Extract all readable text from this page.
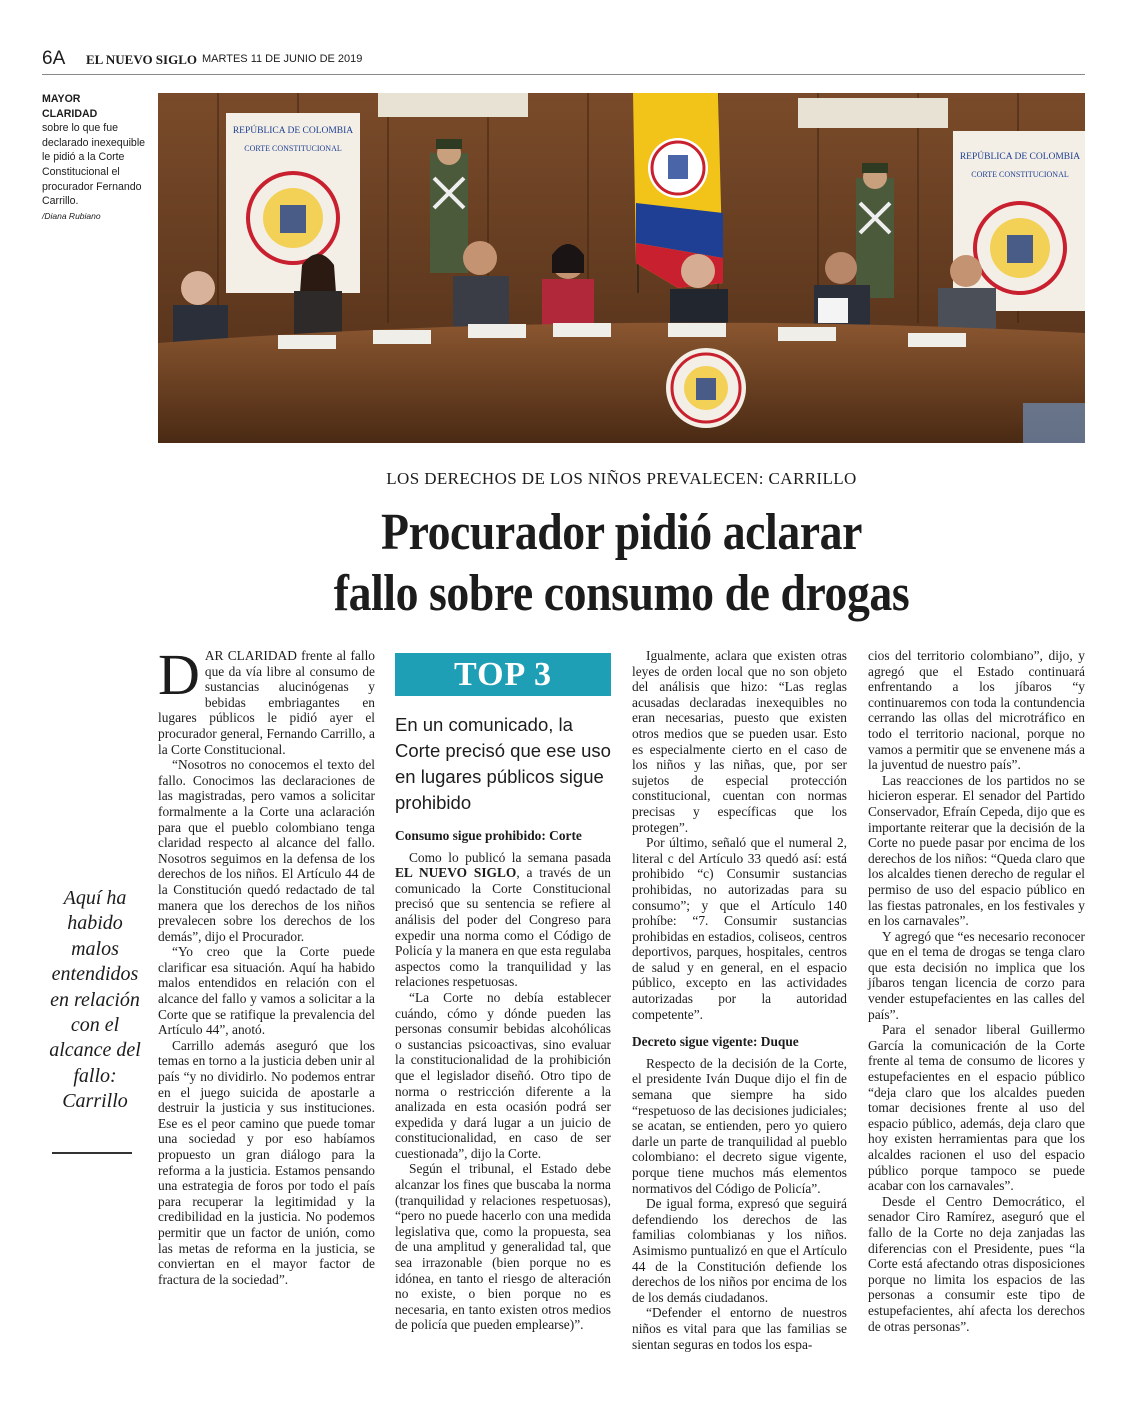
6A EL NUEVO SIGLO MARTES 11 DE JUNIO DE 2019
MAYOR
CLARIDAD
sobre lo que fue declarado inexequible le pidió a la Corte Constitucional el procurador Fernando Carrillo.
/Diana Rubiano
REPÚBLICA DE COLOMBIA
CORTE CONSTITUCIONAL
REPÚBLICA DE COLOMBIA
CORTE CONSTITUCIONAL
LOS DERECHOS DE LOS NIÑOS PREVALECEN: CARRILLO
Procurador pidió aclarar
fallo sobre consumo de drogas
Aquí ha habido malos entendidos en relación con el alcance del fallo: Carrillo

DAR CLARIDAD frente al fallo que da vía libre al consumo de sustancias alucinógenas y bebidas embriagantes en lugares públicos le pidió ayer el procurador general, Fernando Carrillo, a la Corte Constitucional.

“Nosotros no conocemos el texto del fallo. Conocimos las declaraciones de las magistradas, pero vamos a solicitar formalmente a la Corte una aclaración para que el pueblo colombiano tenga claridad respecto al alcance del fallo. Nosotros seguimos en la defensa de los derechos de los niños. El Artículo 44 de la Constitución quedó redactado de tal manera que los derechos de los niños prevalecen sobre los derechos de los demás”, dijo el Procurador.

“Yo creo que la Corte puede clarificar esa situación. Aquí ha habido malos entendidos en relación con el alcance del fallo y vamos a solicitar a la Corte que se ratifique la prevalencia del Artículo 44”, anotó.

Carrillo además aseguró que los temas en torno a la justicia deben unir al país “y no dividirlo. No podemos entrar en el juego suicida de apostarle a destruir la justicia y sus instituciones. Ese es el peor camino que puede tomar una sociedad y por eso habíamos propuesto un gran diálogo para la reforma a la justicia. Estamos pensando una estrategia de foros por todo el país para recuperar la legitimidad y la credibilidad en la justicia. No podemos permitir que un factor de unión, como las metas de reforma en la justicia, se conviertan en el mayor factor de fractura de la sociedad”.

TOP 3
En un comunicado, la Corte precisó que ese uso en lugares públicos sigue prohibido
Consumo sigue prohibido: Corte

Como lo publicó la semana pasada EL NUEVO SIGLO, a través de un comunicado la Corte Constitucional precisó que su sentencia se refiere al análisis del poder del Congreso para expedir una norma como el Código de Policía y la manera en que esta regulaba aspectos como la tranquilidad y las relaciones respetuosas.

“La Corte no debía establecer cuándo, cómo y dónde pueden las personas consumir bebidas alcohólicas o sustancias psicoactivas, sino evaluar la constitucionalidad de la prohibición que el legislador diseñó. Otro tipo de norma o restricción diferente a la analizada en esta ocasión podrá ser expedida y dará lugar a un juicio de constitucionalidad, en caso de ser cuestionada”, dijo la Corte.

Según el tribunal, el Estado debe alcanzar los fines que buscaba la norma (tranquilidad y relaciones respetuosas), “pero no puede hacerlo con una medida legislativa que, como la propuesta, sea de una amplitud y generalidad tal, que sea irrazonable (bien porque no es idónea, en tanto el riesgo de alteración no existe, o bien porque no es necesaria, en tanto existen otros medios de policía que pueden emplearse)”.

Igualmente, aclara que existen otras leyes de orden local que no son objeto del análisis que hizo: “Las reglas acusadas declaradas inexequibles no eran necesarias, puesto que existen otros medios que se pueden usar. Esto es especialmente cierto en el caso de los niños y las niñas, que, por ser sujetos de especial protección constitucional, cuentan con normas precisas y específicas que los protegen”.

Por último, señaló que el numeral 2, literal c del Artículo 33 quedó así: está prohibido “c) Consumir sustancias prohibidas, no autorizadas para su consumo”; y que el Artículo 140 prohíbe: “7. Consumir sustancias prohibidas en estadios, coliseos, centros deportivos, parques, hospitales, centros de salud y en general, en el espacio público, excepto en las actividades autorizadas por la autoridad competente”.

Decreto sigue vigente: Duque

Respecto de la decisión de la Corte, el presidente Iván Duque dijo el fin de semana que siempre ha sido “respetuoso de las decisiones judiciales; se acatan, se entienden, pero yo quiero darle un parte de tranquilidad al pueblo colombiano: el decreto sigue vigente, porque tiene muchos más elementos normativos del Código de Policía”.

De igual forma, expresó que seguirá defendiendo los derechos de las familias colombianas y los niños. Asimismo puntualizó en que el Artículo 44 de la Constitución defiende los derechos de los niños por encima de los de los demás ciudadanos.

“Defender el entorno de nuestros niños es vital para que las familias se sientan seguras en todos los espa-

cios del territorio colombiano”, dijo, y agregó que el Estado continuará enfrentando a los jíbaros “y continuaremos con toda la contundencia cerrando las ollas del microtráfico en todo el territorio nacional, porque no vamos a permitir que se envenene más a la juventud de nuestro país”.

Las reacciones de los partidos no se hicieron esperar. El senador del Partido Conservador, Efraín Cepeda, dijo que es importante reiterar que la decisión de la Corte no puede pasar por encima de los derechos de los niños: “Queda claro que los alcaldes tienen derecho de regular el permiso de uso del espacio público en las fiestas patronales, en los festivales y en los carnavales”.

Y agregó que “es necesario reconocer que en el tema de drogas se tenga claro que esta decisión no implica que los jíbaros tengan licencia de corzo para vender estupefacientes en las calles del país”.

Para el senador liberal Guillermo García la comunicación de la Corte frente al tema de consumo de licores y estupefacientes en el espacio público “deja claro que los alcaldes pueden tomar decisiones frente al uso del espacio público, además, deja claro que hoy existen herramientas para que los alcaldes racionen el uso del espacio público porque tampoco se puede acabar con los carnavales”.

Desde el Centro Democrático, el senador Ciro Ramírez, aseguró que el fallo de la Corte no deja zanjadas las diferencias con el Presidente, pues “la Corte está afectando otras disposiciones porque no limita los espacios de las personas a consumir este tipo de estupefacientes, ahí afecta los derechos de otras personas”.
